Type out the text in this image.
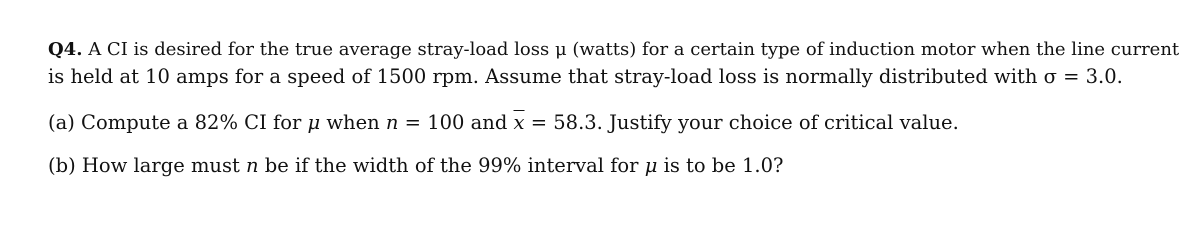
Q4. A CI is desired for the true average stray-load loss μ (watts) for a certain type of induction motor when the line current
is held at 10 amps for a speed of 1500 rpm. Assume that stray-load loss is normally distributed with σ = 3.0.
(a) Compute a 82% CI for μ when n = 100 and $\overline{x} = 58.3$. Justify your choice of critical value.
(b) How large must n be if the width of the 99% interval for μ is to be 1.0?
